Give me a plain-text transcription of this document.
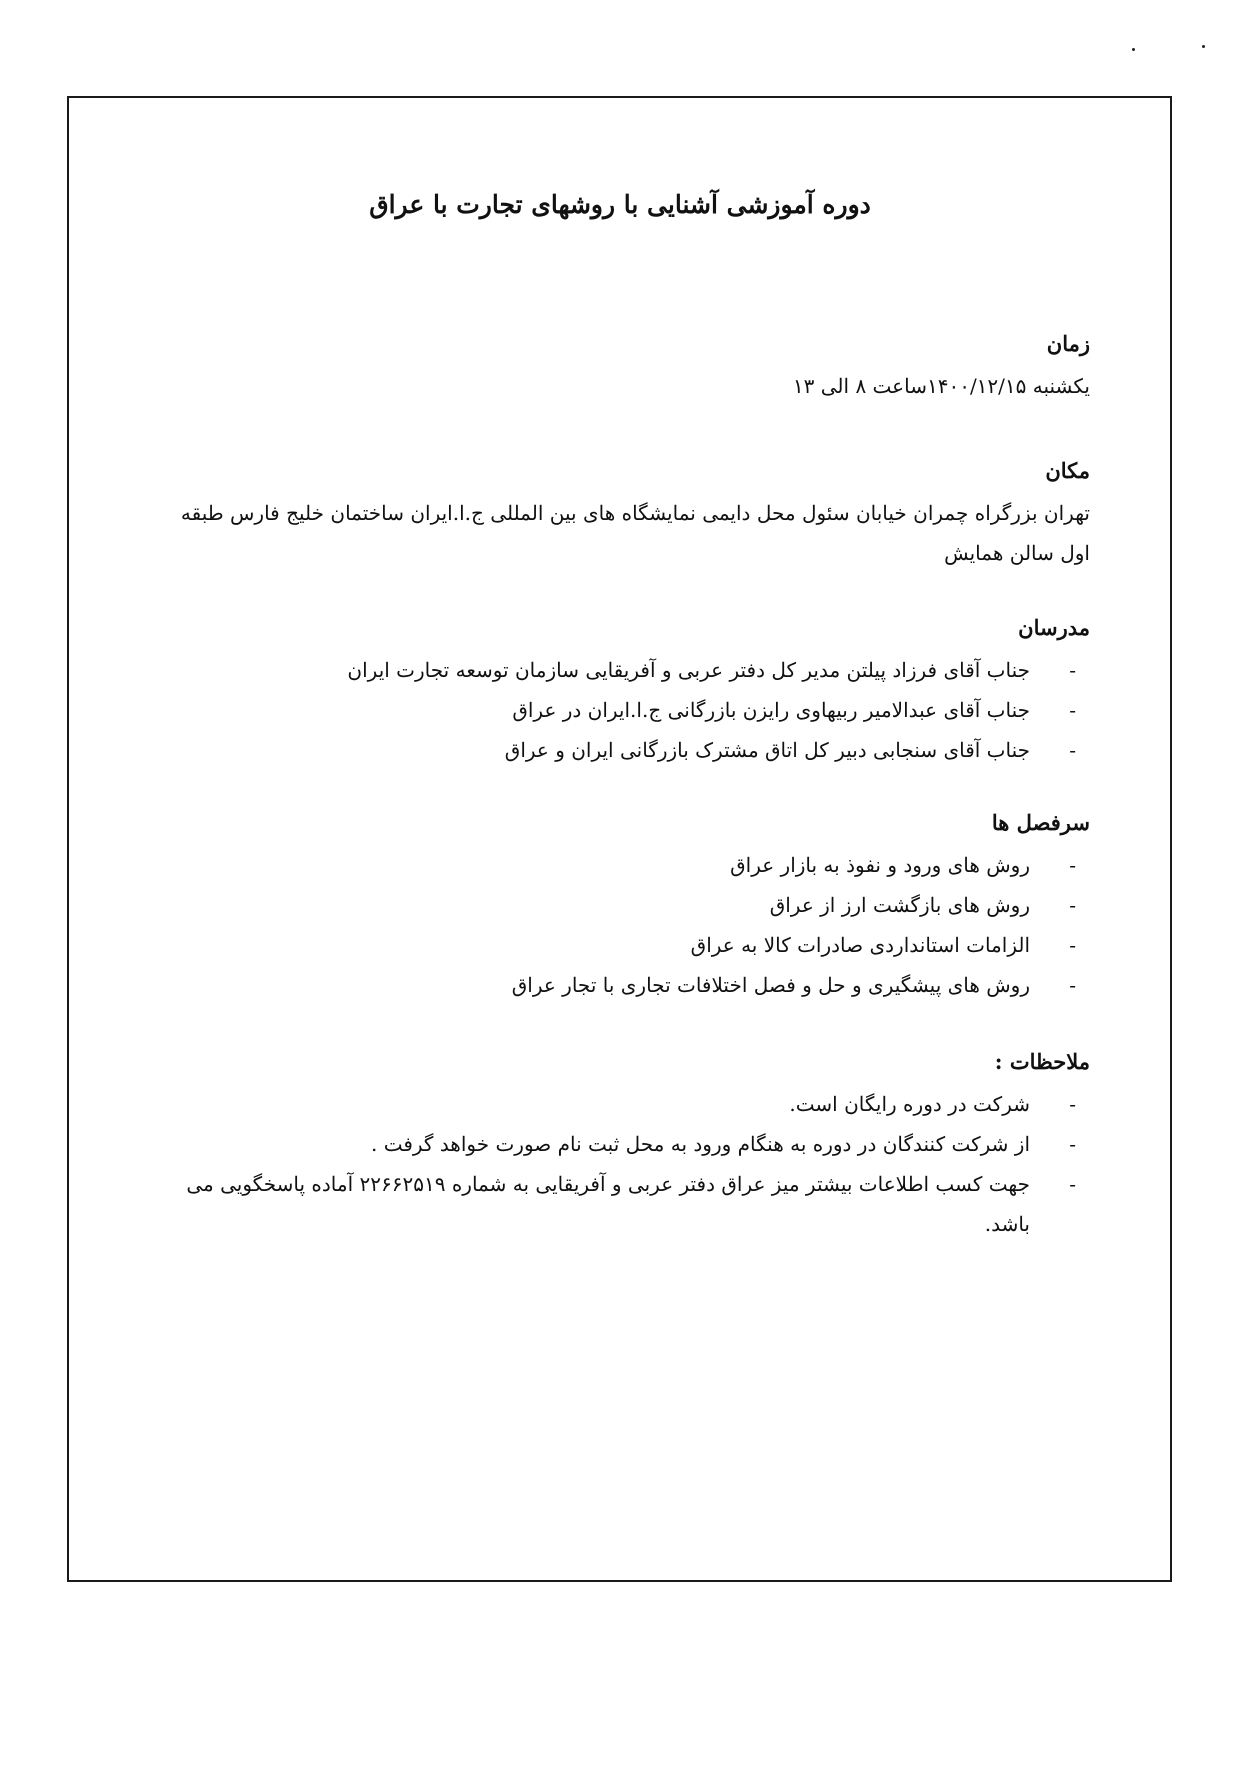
دوره آموزشی آشنایی با روشهای تجارت با عراق
زمان

یکشنبه ۱۴۰۰/۱۲/۱۵ساعت ۸ الی ۱۳

مکان

تهران بزرگراه چمران خیابان سئول محل دایمی نمایشگاه های بین المللی ج.ا.ایران ساختمان خلیج فارس طبقه اول سالن همایش

مدرسان
-
جناب آقای فرزاد پیلتن مدیر کل دفتر عربی و آفریقایی سازمان توسعه تجارت ایران
-
جناب آقای عبدالامیر ربیهاوی رایزن بازرگانی ج.ا.ایران در عراق
-
جناب آقای سنجابی دبیر کل اتاق مشترک بازرگانی ایران و عراق
سرفصل ها
-
روش های ورود و نفوذ به بازار عراق
-
روش های بازگشت ارز از عراق
-
الزامات استانداردی صادرات کالا به عراق
-
روش های پیشگیری و حل و فصل اختلافات تجاری با تجار عراق
ملاحظات :
-
شرکت در دوره رایگان است.
-
از شرکت کنندگان در دوره به هنگام ورود به محل ثبت نام صورت خواهد گرفت .
-
جهت کسب اطلاعات بیشتر میز عراق دفتر عربی و آفریقایی به شماره ۲۲۶۶۲۵۱۹ آماده پاسخگویی می باشد.
